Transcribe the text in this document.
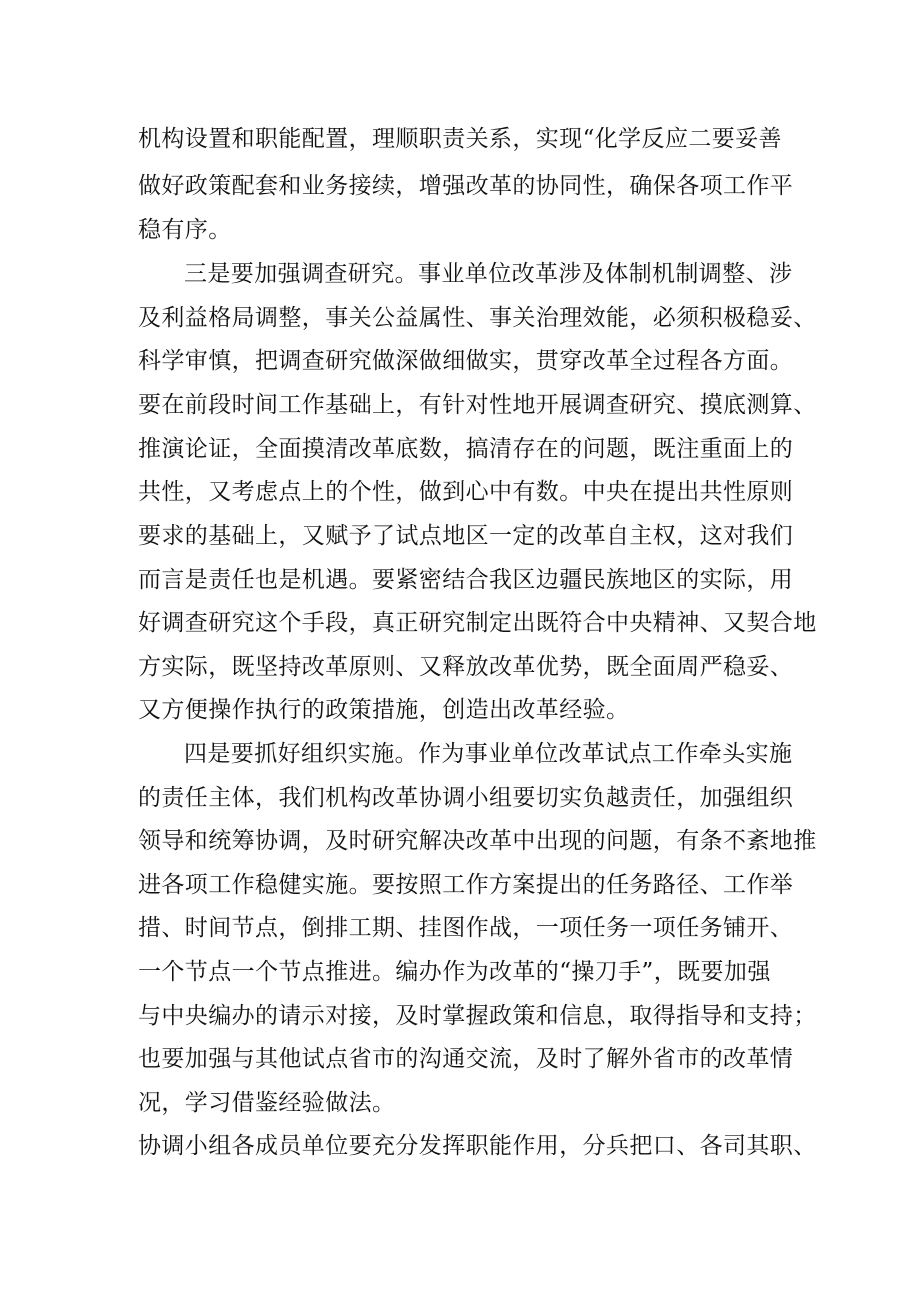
机构设置和职能配置，理顺职责关系，实现“化学反应二要妥善
做好政策配套和业务接续，增强改革的协同性，确保各项工作平
稳有序。
三是要加强调查研究。事业单位改革涉及体制机制调整、涉
及利益格局调整，事关公益属性、事关治理效能，必须积极稳妥、
科学审慎，把调查研究做深做细做实，贯穿改革全过程各方面。
要在前段时间工作基础上，有针对性地开展调查研究、摸底测算、
推演论证，全面摸清改革底数，搞清存在的问题，既注重面上的
共性，又考虑点上的个性，做到心中有数。中央在提出共性原则
要求的基础上，又赋予了试点地区一定的改革自主权，这对我们
而言是责任也是机遇。要紧密结合我区边疆民族地区的实际，用
好调查研究这个手段，真正研究制定出既符合中央精神、又契合地
方实际，既坚持改革原则、又释放改革优势，既全面周严稳妥、
又方便操作执行的政策措施，创造出改革经验。
四是要抓好组织实施。作为事业单位改革试点工作牵头实施
的责任主体，我们机构改革协调小组要切实负越责任，加强组织
领导和统筹协调，及时研究解决改革中出现的问题，有条不紊地推
进各项工作稳健实施。要按照工作方案提出的任务路径、工作举
措、时间节点，倒排工期、挂图作战，一项任务一项任务铺开、
一个节点一个节点推进。编办作为改革的“操刀手”，既要加强
与中央编办的请示对接，及时掌握政策和信息，取得指导和支持；
也要加强与其他试点省市的沟通交流，及时了解外省市的改革情
况，学习借鉴经验做法。
协调小组各成员单位要充分发挥职能作用，分兵把口、各司其职、
